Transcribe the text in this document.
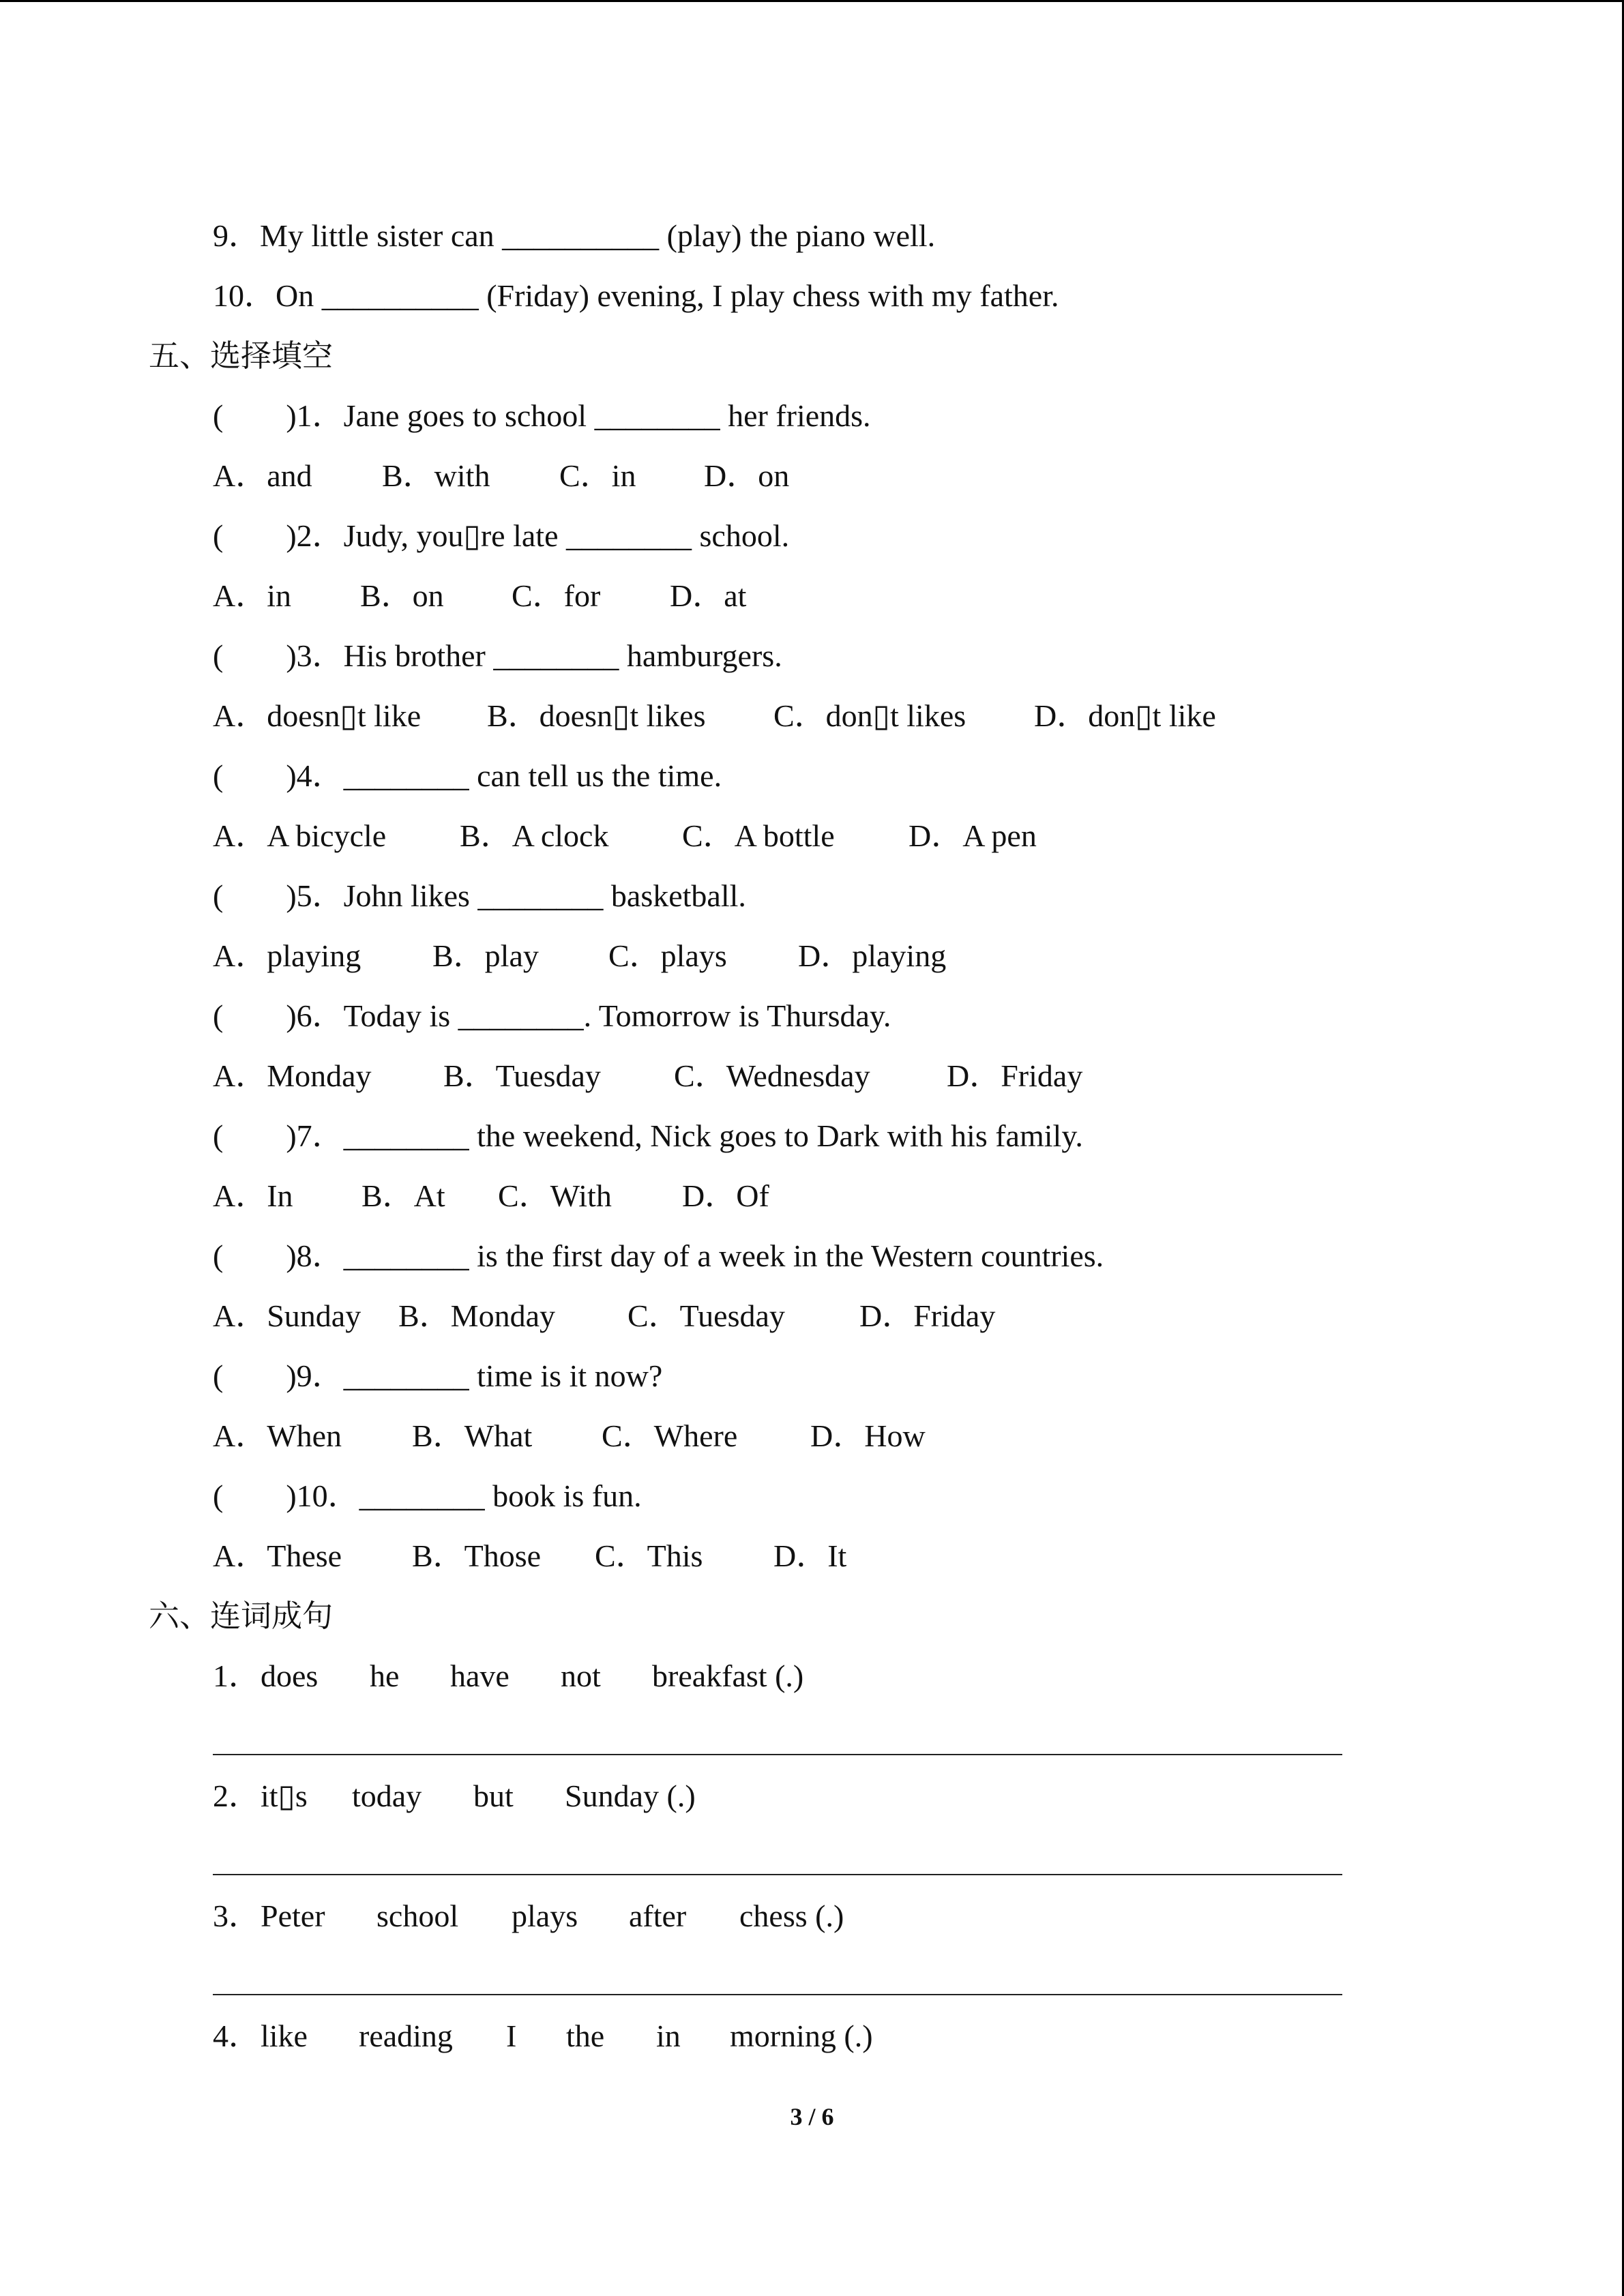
9．My little sister can __________ (play) the piano well.
10．On __________ (Friday) evening, I play chess with my father.
五、选择填空
(        )1．Jane goes to school ________ her friends.
A．and B．with C．in D．on
(        )2．Judy, you▯re late ________ school.
A．in B．on C．for D．at
(        )3．His brother ________ hamburgers.
A．doesn▯t like B．doesn▯t likes C．don▯t likes D．don▯t like
(        )4．________ can tell us the time.
A．A bicycle B．A clock C．A bottle D．A pen
(        )5．John likes ________ basketball.
A．playing B．play C．plays D．playing
(        )6．Today is ________. Tomorrow is Thursday.
A．Monday B．Tuesday C．Wednesday D．Friday
(        )7．________ the weekend, Nick goes to Dark with his family.
A．In B．At C．With D．Of
(        )8．________ is the first day of a week in the Western countries.
A．Sunday B．Monday C．Tuesday D．Friday
(        )9．________ time is it now?
A．When B．What C．Where D．How
(        )10．________ book is fun.
A．These B．Those C．This D．It
六、连词成句
1． does he have not breakfast (.)
2． it▯s today but Sunday (.)
3． Peter school plays after chess (.)
4． like reading I the in morning (.)
3 / 6
